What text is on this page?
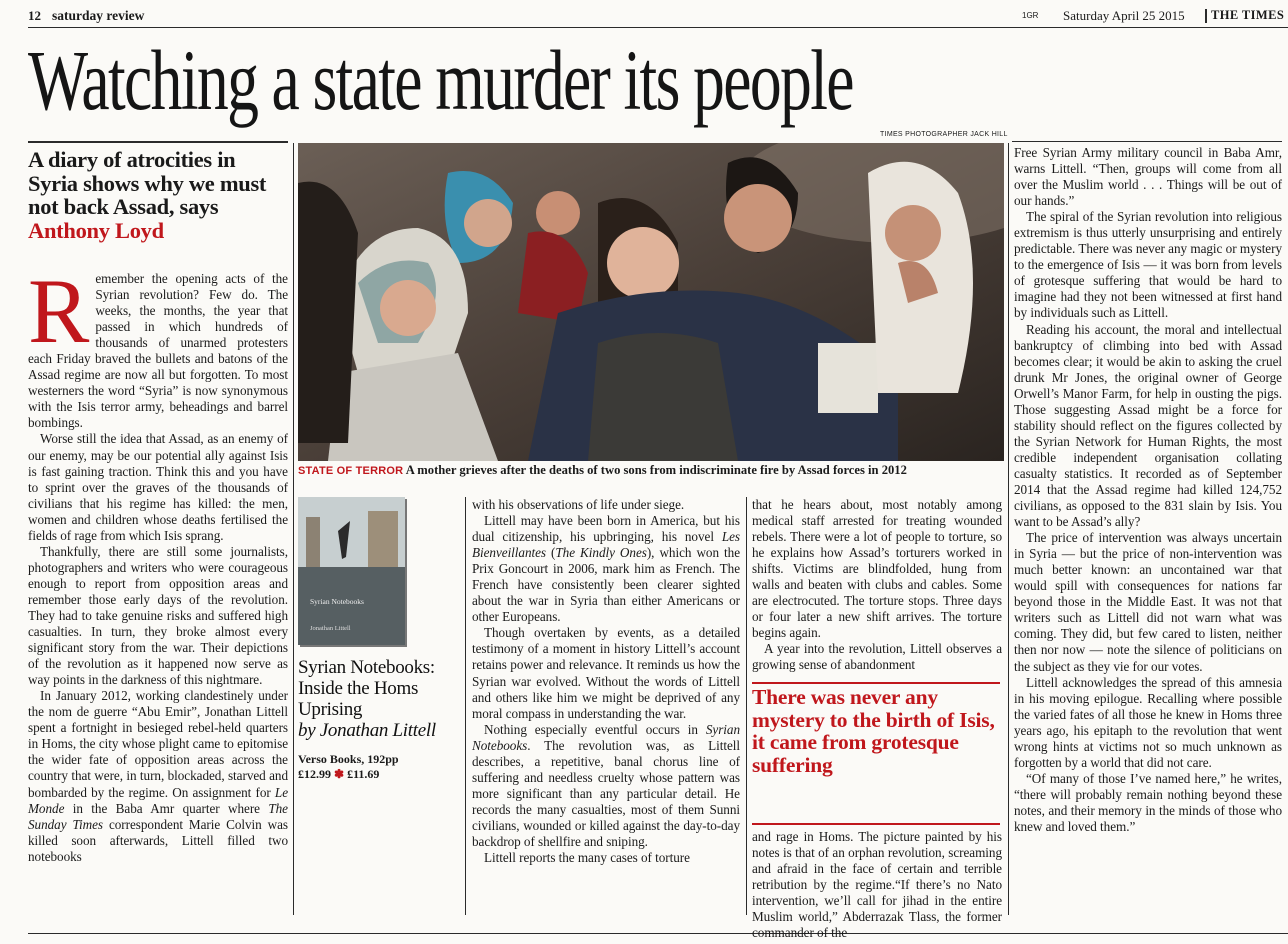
12 saturday review	1GR Saturday April 25 2015 THE TIMES
Watching a state murder its people
A diary of atrocities in Syria shows why we must not back Assad, says Anthony Loyd

Remember the opening acts of the Syrian revolution? Few do. The weeks, the months, the year that passed in which hundreds of thousands of unarmed protesters each Friday braved the bullets and batons of the Assad regime are now all but forgotten. To most westerners the word “Syria” is now synonymous with the Isis terror army, beheadings and barrel bombings.

Worse still the idea that Assad, as an enemy of our enemy, may be our potential ally against Isis is fast gaining traction. Think this and you have to sprint over the graves of the thousands of civilians that his regime has killed: the men, women and children whose deaths fertilised the fields of rage from which Isis sprang.

Thankfully, there are still some journalists, photographers and writers who were courageous enough to report from opposition areas and remember those early days of the revolution. They had to take genuine risks and suffered high casualties. In turn, they broke almost every significant story from the war. Their depictions of the revolution as it happened now serve as way points in the darkness of this nightmare.

In January 2012, working clandestinely under the nom de guerre “Abu Emir”, Jonathan Littell spent a fortnight in besieged rebel-held quarters in Homs, the city whose plight came to epitomise the wider fate of opposition areas across the country that were, in turn, blockaded, starved and bombarded by the regime. On assignment for Le Monde in the Baba Amr quarter where The Sunday Times correspondent Marie Colvin was killed soon afterwards, Littell filled two notebooks

TIMES PHOTOGRAPHER JACK HILL
STATE OF TERROR A mother grieves after the deaths of two sons from indiscriminate fire by Assad forces in 2012
Syrian Notebooks
Jonathan Littell
Syrian Notebooks: Inside the Homs Uprising
by Jonathan Littell
Verso Books, 192pp
£12.99 ✽ £11.69

with his observations of life under siege.

Littell may have been born in America, but his dual citizenship, his upbringing, his novel Les Bienveillantes (The Kindly Ones), which won the Prix Goncourt in 2006, mark him as French. The French have consistently been clearer sighted about the war in Syria than either Americans or other Europeans.

Though overtaken by events, as a detailed testimony of a moment in history Littell’s account retains power and relevance. It reminds us how the Syrian war evolved. Without the words of Littell and others like him we might be deprived of any moral compass in understanding the war.

Nothing especially eventful occurs in Syrian Notebooks. The revolution was, as Littell describes, a repetitive, banal chorus line of suffering and needless cruelty whose pattern was more significant than any particular detail. He records the many casualties, most of them Sunni civilians, wounded or killed against the day-to-day backdrop of shellfire and sniping.

Littell reports the many cases of torture

that he hears about, most notably among medical staff arrested for treating wounded rebels. There were a lot of people to torture, so he explains how Assad’s torturers worked in shifts. Victims are blindfolded, hung from walls and beaten with clubs and cables. Some are electrocuted. The torture stops. Three days or four later a new shift arrives. The torture begins again.

A year into the revolution, Littell observes a growing sense of abandonment

There was never any mystery to the birth of Isis, it came from grotesque suffering

and rage in Homs. The picture painted by his notes is that of an orphan revolution, screaming and afraid in the face of certain and terrible retribution by the regime.“If there’s no Nato intervention, we’ll call for jihad in the entire Muslim world,” Abderrazak Tlass, the former commander of the

Free Syrian Army military council in Baba Amr, warns Littell. “Then, groups will come from all over the Muslim world . . . Things will be out of our hands.”

The spiral of the Syrian revolution into religious extremism is thus utterly unsurprising and entirely predictable. There was never any magic or mystery to the emergence of Isis — it was born from levels of grotesque suffering that would be hard to imagine had they not been witnessed at first hand by individuals such as Littell.

Reading his account, the moral and intellectual bankruptcy of climbing into bed with Assad becomes clear; it would be akin to asking the cruel drunk Mr Jones, the original owner of George Orwell’s Manor Farm, for help in ousting the pigs. Those suggesting Assad might be a force for stability should reflect on the figures collected by the Syrian Network for Human Rights, the most credible independent organisation collating casualty statistics. It recorded as of September 2014 that the Assad regime had killed 124,752 civilians, as opposed to the 831 slain by Isis. You want to be Assad’s ally?

The price of intervention was always uncertain in Syria — but the price of non-intervention was much better known: an uncontained war that would spill with consequences for nations far beyond those in the Middle East. It was not that writers such as Littell did not warn what was coming. They did, but few cared to listen, neither then nor now — note the silence of politicians on the subject as they vie for our votes.

Littell acknowledges the spread of this amnesia in his moving epilogue. Recalling where possible the varied fates of all those he knew in Homs three years ago, his epitaph to the revolution that went wrong hints at victims not so much unknown as forgotten by a world that did not care.

“Of many of those I’ve named here,” he writes, “there will probably remain nothing beyond these notes, and their memory in the minds of those who knew and loved them.”
